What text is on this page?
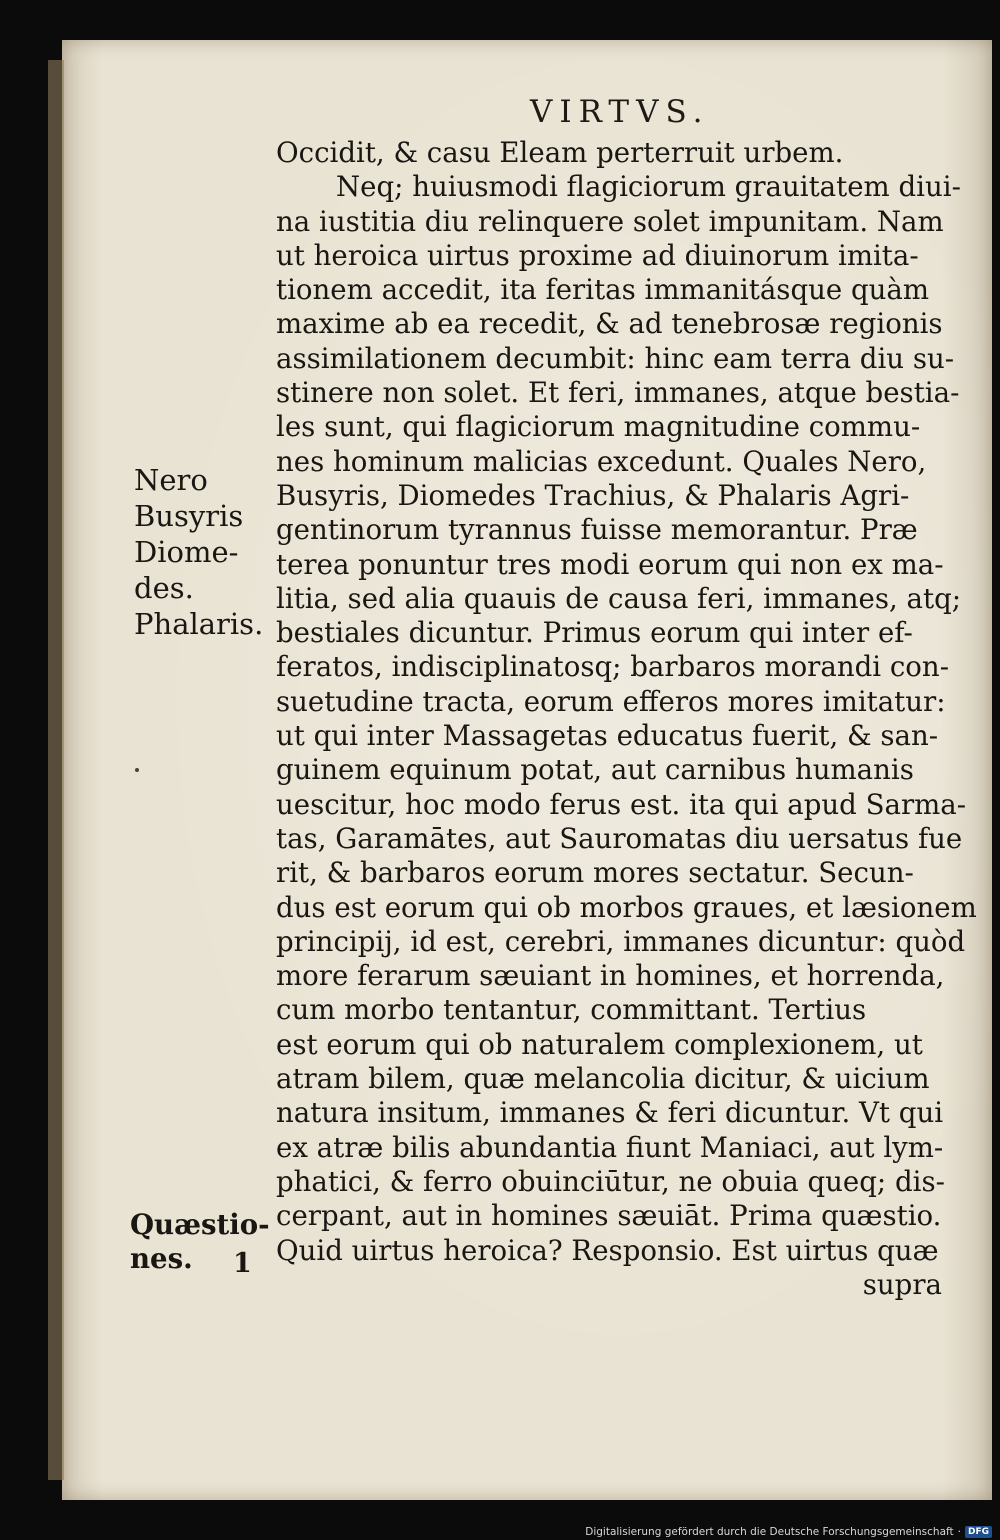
VIRTVS.
Occidit, & casu Eleam perterruit urbem.
Neq; huiusmodi flagiciorum grauitatem diui-
na iustitia diu relinquere solet impunitam. Nam
ut heroica uirtus proxime ad diuinorum imita-
tionem accedit, ita feritas immanitásque quàm
maxime ab ea recedit, & ad tenebrosæ regionis
assimilationem decumbit: hinc eam terra diu su-
stinere non solet. Et feri, immanes, atque bestia-
les sunt, qui flagiciorum magnitudine commu-
nes hominum malicias excedunt. Quales Nero,
Busyris, Diomedes Trachius, & Phalaris Agri-
gentinorum tyrannus fuisse memorantur. Præ
terea ponuntur tres modi eorum qui non ex ma-
litia, sed alia quauis de causa feri, immanes, atq;
bestiales dicuntur. Primus eorum qui inter ef-
feratos, indisciplinatosq; barbaros morandi con-
suetudine tracta, eorum efferos mores imitatur:
ut qui inter Massagetas educatus fuerit, & san-
guinem equinum potat, aut carnibus humanis
uescitur, hoc modo ferus est. ita qui apud Sarma-
tas, Garamātes, aut Sauromatas diu uersatus fue
rit, & barbaros eorum mores sectatur. Secun-
dus est eorum qui ob morbos graues, et læsionem
principij, id est, cerebri, immanes dicuntur: quòd
more ferarum sæuiant in homines, et horrenda,
cum morbo tentantur, committant. Tertius
est eorum qui ob naturalem complexionem, ut
atram bilem, quæ melancolia dicitur, & uicium
natura insitum, immanes & feri dicuntur. Vt qui
ex atræ bilis abundantia fiunt Maniaci, aut lym-
phatici, & ferro obuinciūtur, ne obuia queq; dis-
cerpant, aut in homines sæuiāt. Prima quæstio.
Quid uirtus heroica? Responsio. Est uirtus quæ
supra
Nero
Busyris
Diome-
des.
Phalaris.
Quæstio-
nes.	1
Digitalisierung gefördert durch die Deutsche Forschungsgemeinschaft · DFG
